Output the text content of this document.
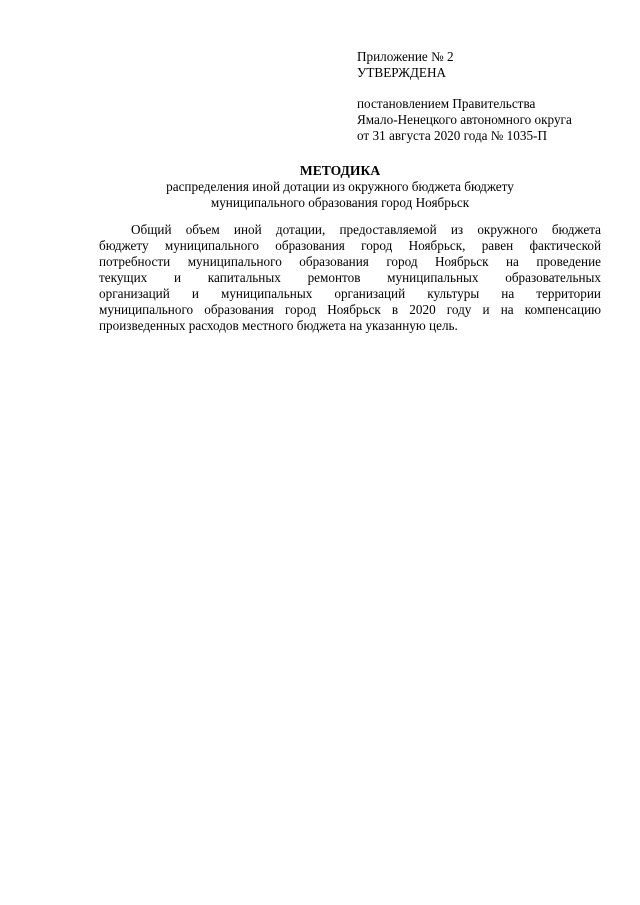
Приложение № 2
УТВЕРЖДЕНА
постановлением Правительства
Ямало-Ненецкого автономного округа
от 31 августа 2020 года № 1035-П
МЕТОДИКА
распределения иной дотации из окружного бюджета бюджету
муниципального образования город Ноябрьск
Общий объем иной дотации, предоставляемой из окружного бюджета
бюджету муниципального образования город Ноябрьск, равен фактической
потребности муниципального образования город Ноябрьск на проведение
текущих и капитальных ремонтов муниципальных образовательных
организаций и муниципальных организаций культуры на территории
муниципального образования город Ноябрьск в 2020 году и на компенсацию
произведенных расходов местного бюджета на указанную цель.
